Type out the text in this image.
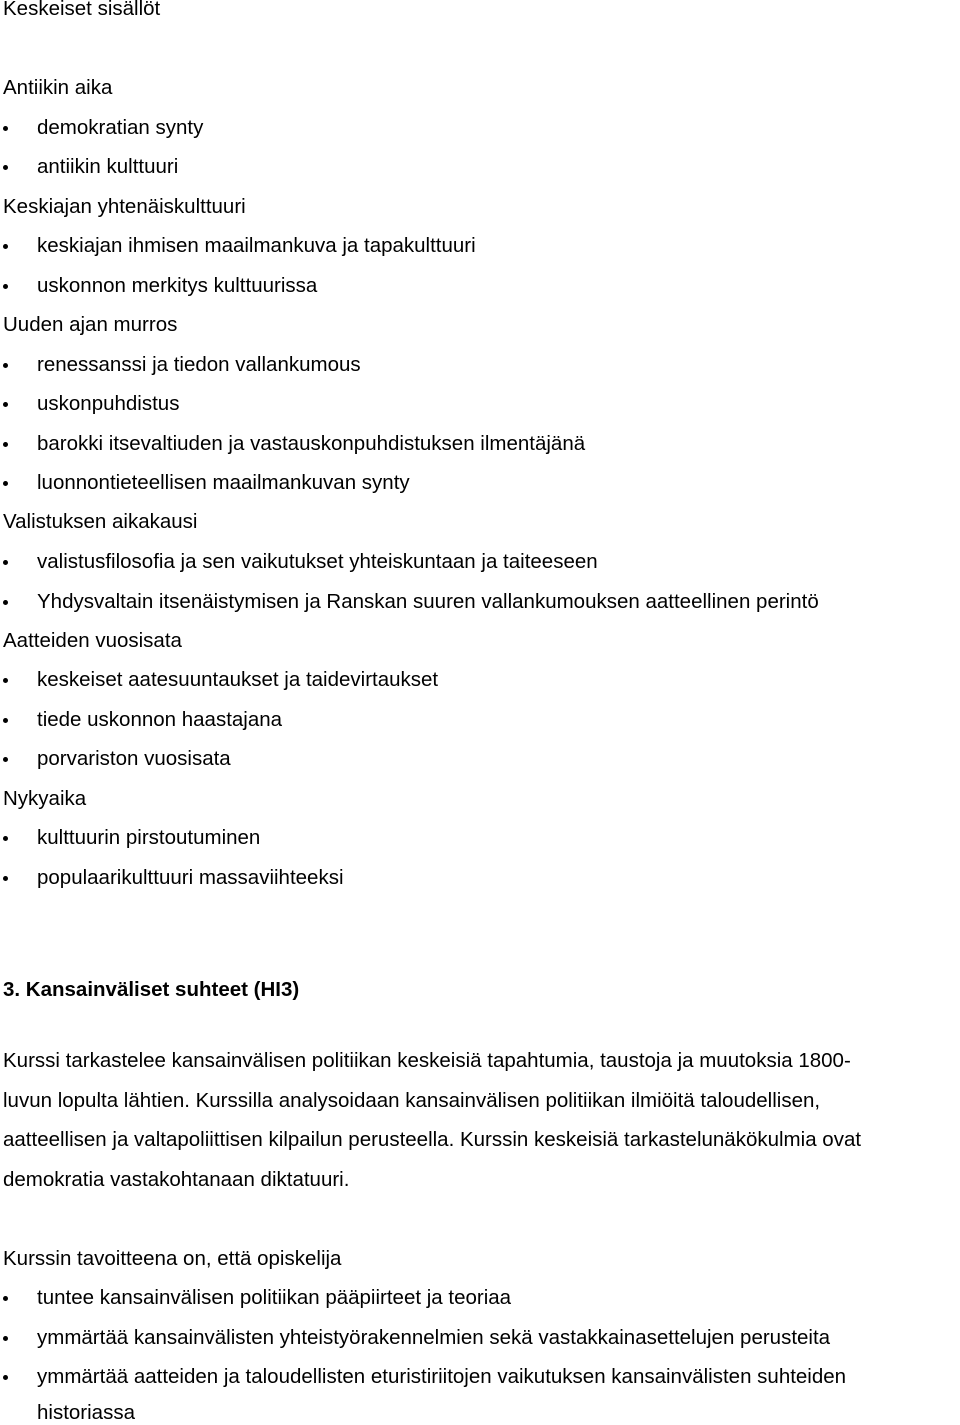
Keskeiset sisällöt
Antiikin aika
demokratian synty
antiikin kulttuuri
Keskiajan yhtenäiskulttuuri
keskiajan ihmisen maailmankuva ja tapakulttuuri
uskonnon merkitys kulttuurissa
Uuden ajan murros
renessanssi ja tiedon vallankumous
uskonpuhdistus
barokki itsevaltiuden ja vastauskonpuhdistuksen ilmentäjänä
luonnontieteellisen maailmankuvan synty
Valistuksen aikakausi
valistusfilosofia ja sen vaikutukset yhteiskuntaan ja taiteeseen
Yhdysvaltain itsenäistymisen ja Ranskan suuren vallankumouksen aatteellinen perintö
Aatteiden vuosisata
keskeiset aatesuuntaukset ja taidevirtaukset
tiede uskonnon haastajana
porvariston vuosisata
Nykyaika
kulttuurin pirstoutuminen
populaarikulttuuri massaviihteeksi
3. Kansainväliset suhteet (HI3)
Kurssi tarkastelee kansainvälisen politiikan keskeisiä tapahtumia, taustoja ja muutoksia 1800-
luvun lopulta lähtien. Kurssilla analysoidaan kansainvälisen politiikan ilmiöitä taloudellisen,
aatteellisen ja valtapoliittisen kilpailun perusteella. Kurssin keskeisiä tarkastelunäkökulmia ovat
demokratia vastakohtanaan diktatuuri.
Kurssin tavoitteena on, että opiskelija
tuntee kansainvälisen politiikan pääpiirteet ja teoriaa
ymmärtää kansainvälisten yhteistyörakennelmien sekä vastakkainasettelujen perusteita
ymmärtää aatteiden ja taloudellisten eturistiriitojen vaikutuksen kansainvälisten suhteiden
historiassa
